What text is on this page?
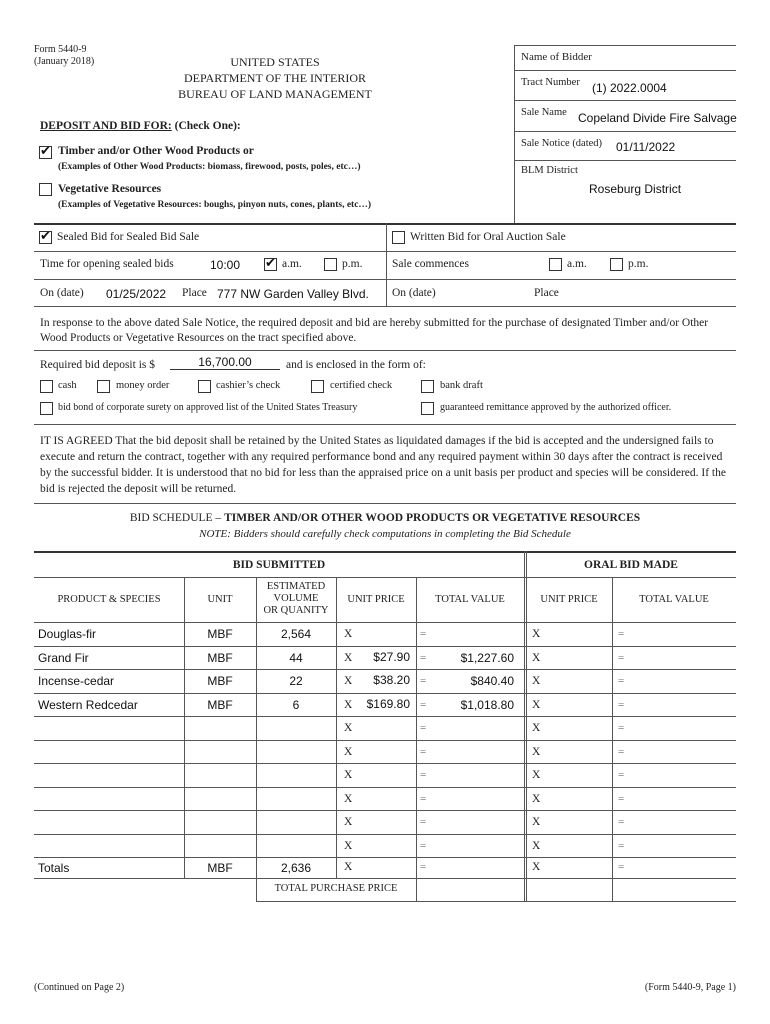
Form 5440-9
(January 2018)	UNITED STATES
DEPARTMENT OF THE INTERIOR
BUREAU OF LAND MANAGEMENT
Name of Bidder
Tract Number (1) 2022.0004
Sale Name Copeland Divide Fire Salvage
Sale Notice (dated) 01/11/2022
BLM District
Roseburg District
DEPOSIT AND BID FOR: (Check One):
✔
Timber and/or Other Wood Products or
(Examples of Other Wood Products: biomass, firewood, posts, poles, etc…)
Vegetative Resources
(Examples of Vegetative Resources: boughs, pinyon nuts, cones, plants, etc…)
✔
Sealed Bid for Sealed Bid Sale	Written Bid for Oral Auction Sale
Time for opening sealed bids	10:00
✔	a.m.	p.m.	Sale commences	a.m.	p.m.
On (date) 01/25/2022 Place 777 NW Garden Valley Blvd. On (date)	Place
In response to the above dated Sale Notice, the required deposit and bid are hereby submitted for the purchase of designated Timber and/or Other Wood Products or Vegetative Resources on the tract specified above.
Required bid deposit is $	16,700.00	and is enclosed in the form of:
cash	money order	cashier’s check	certified check	bank draft
bid bond of corporate surety on approved list of the United States Treasury	guaranteed remittance approved by the authorized officer.
IT IS AGREED That the bid deposit shall be retained by the United States as liquidated damages if the bid is accepted and the undersigned fails to execute and return the contract, together with any required performance bond and any required payment within 30 days after the contract is received by the successful bidder. It is understood that no bid for less than the appraised price on a unit basis per product and species will be considered. If the bid is rejected the deposit will be returned.
BID SCHEDULE – TIMBER AND/OR OTHER WOOD PRODUCTS OR VEGETATIVE RESOURCES
NOTE: Bidders should carefully check computations in completing the Bid Schedule
BID SUBMITTED	ORAL BID MADE
PRODUCT & SPECIES	UNIT
ESTIMATED
VOLUME
OR QUANITY
UNIT PRICE	TOTAL VALUE	UNIT PRICE	TOTAL VALUE
Douglas-fir	MBF	2,564	X	=	X	=
Grand Fir	MBF	44	X	$27.90 =	$1,227.60 X	=
Incense-cedar	MBF	22	X	$38.20 =	$840.40 X	=
Western Redcedar	MBF	6	X	$169.80 =	$1,018.80 X	=
X	=	X	=
X	=	X	=
X	=	X	=
X	=	X	=
X	=	X	=
X	=	X	=
Totals	MBF	2,636	X	=	X	=
TOTAL PURCHASE PRICE
(Continued on Page 2)	(Form 5440-9, Page 1)
